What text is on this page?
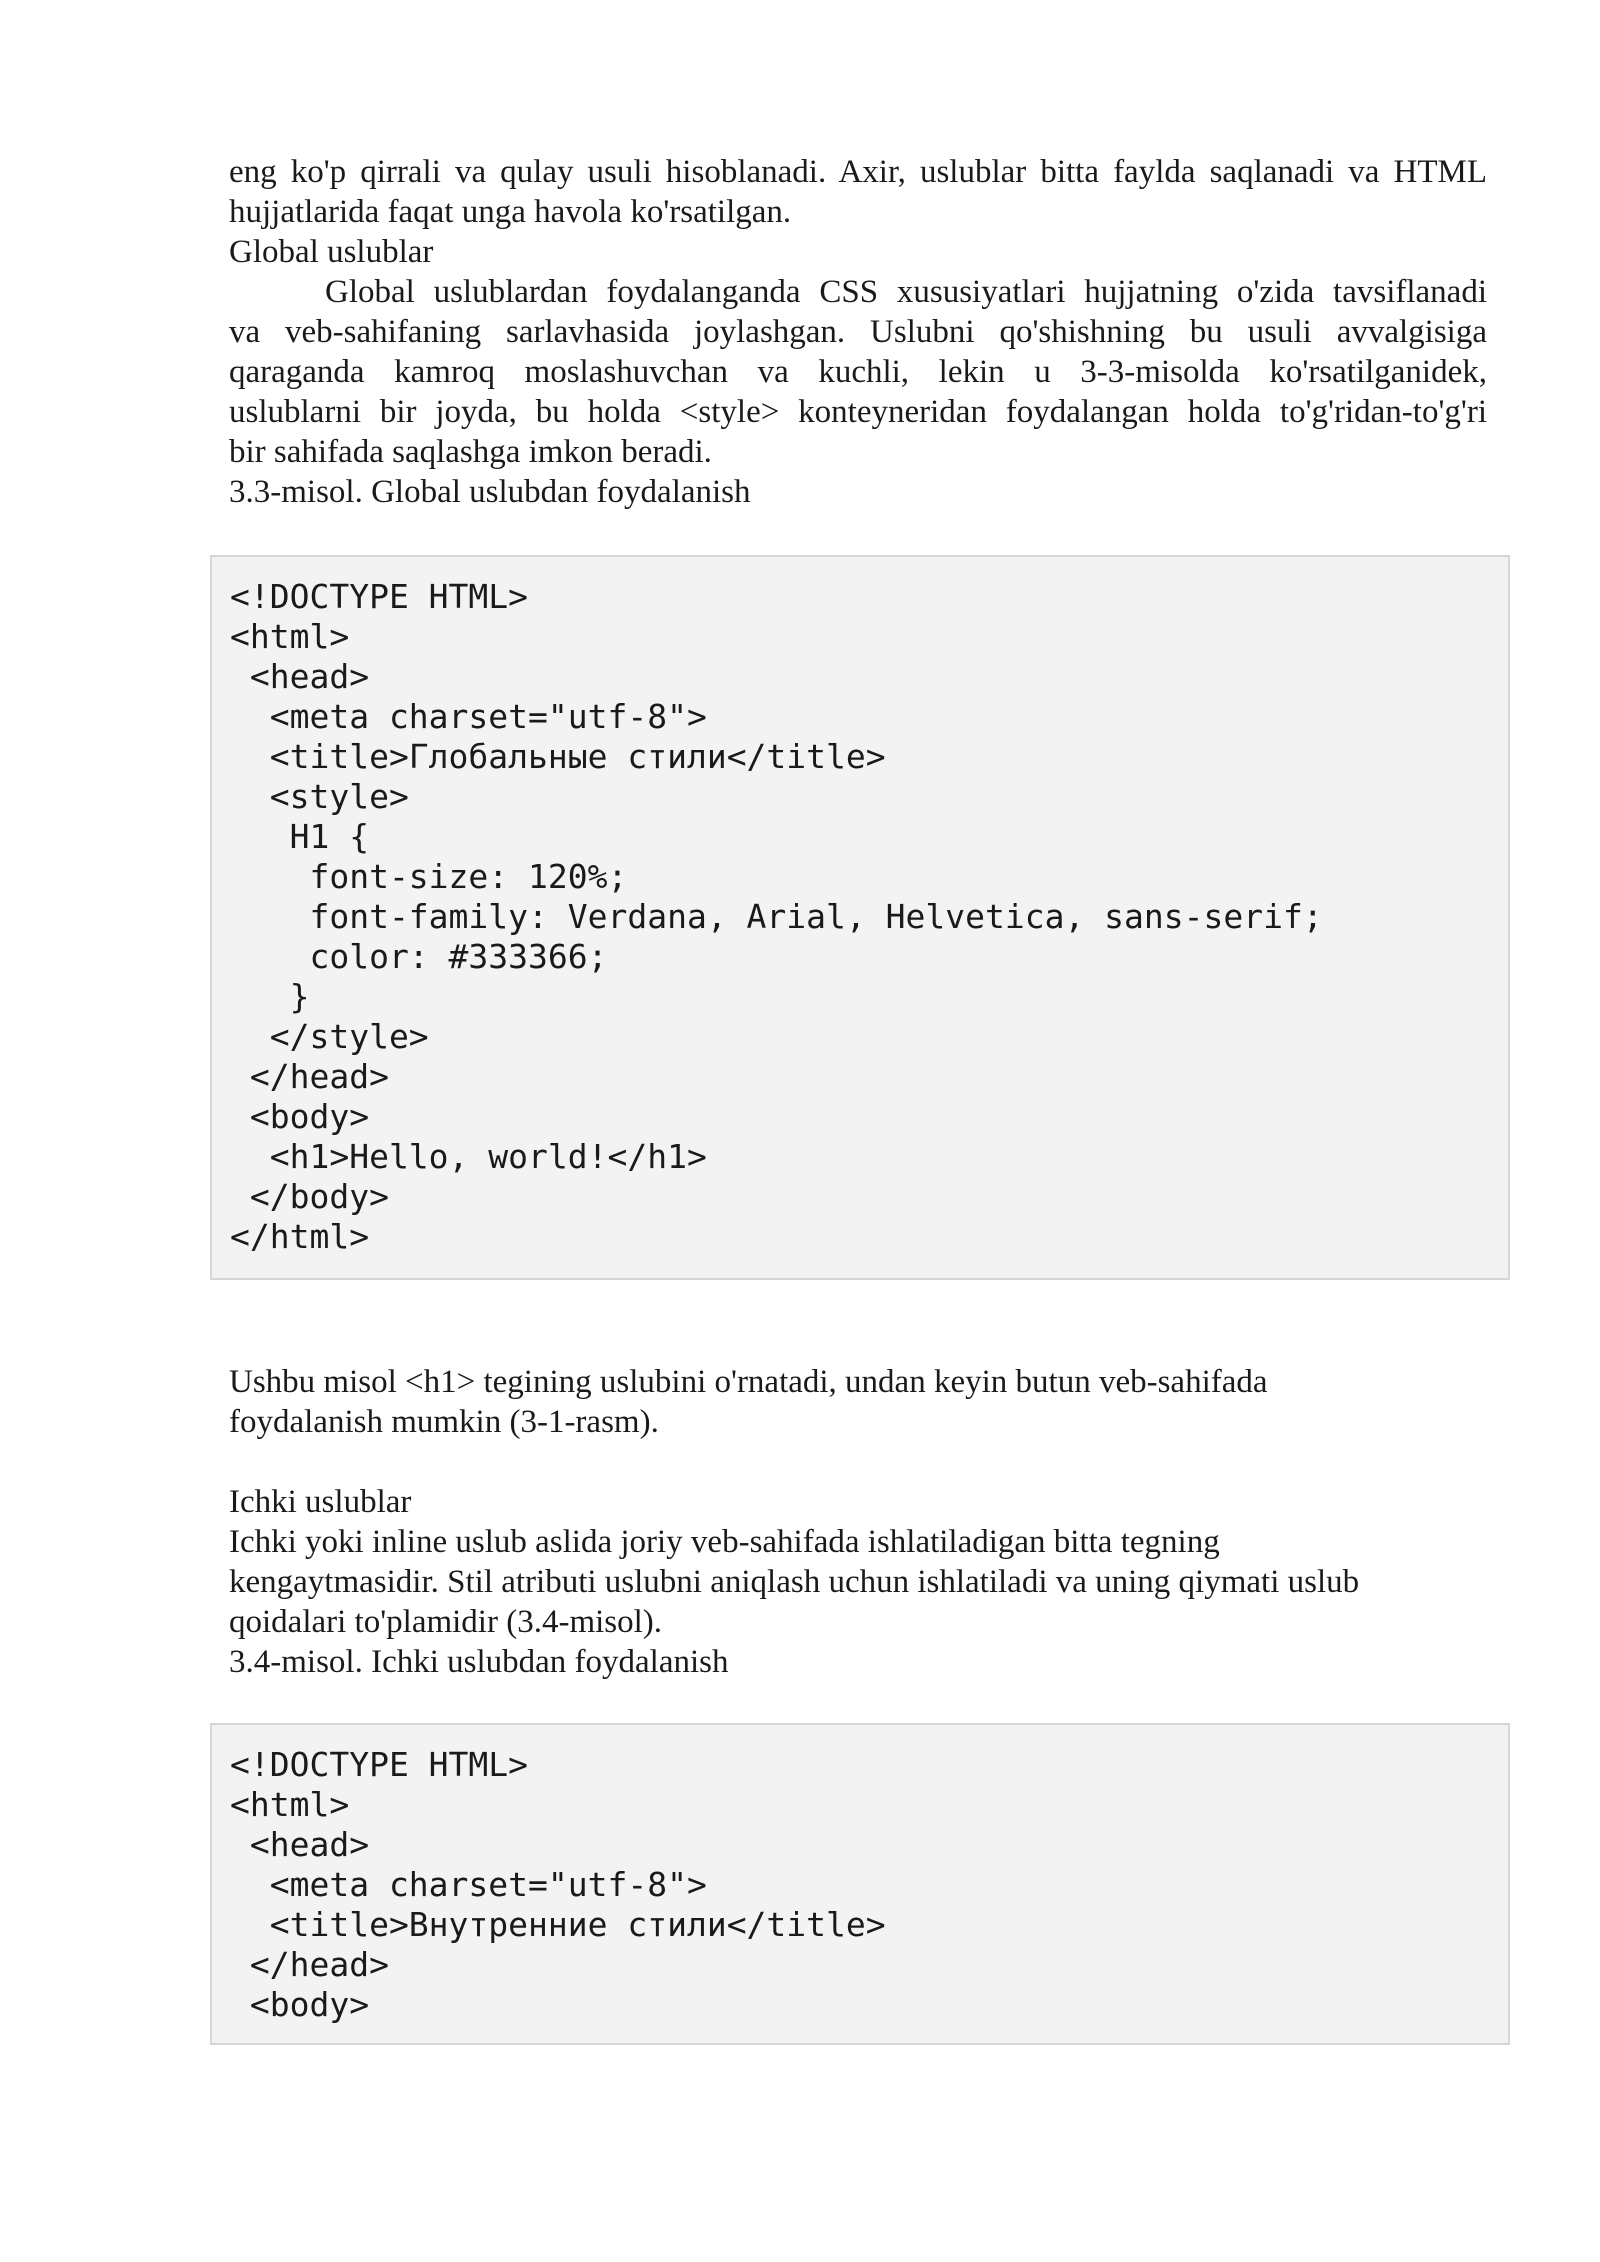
eng ko'p qirrali va qulay usuli hisoblanadi. Axir, uslublar bitta faylda saqlanadi va HTML

hujjatlarida faqat unga havola ko'rsatilgan.

Global uslublar

Global uslublardan foydalanganda CSS xususiyatlari hujjatning o'zida tavsiflanadi

va veb-sahifaning sarlavhasida joylashgan. Uslubni qo'shishning bu usuli avvalgisiga

qaraganda kamroq moslashuvchan va kuchli, lekin u 3-3-misolda ko'rsatilganidek,

uslublarni bir joyda, bu holda <style> konteyneridan foydalangan holda to'g'ridan-to'g'ri

bir sahifada saqlashga imkon beradi.

3.3-misol. Global uslubdan foydalanish

<!DOCTYPE HTML>
<html>
<head>
<meta charset="utf-8">
<title>Глобальные стили</title>
<style>
H1 {
font-size: 120%;
font-family: Verdana, Arial, Helvetica, sans-serif;
color: #333366;
}
</style>
</head>
<body>
<h1>Hello, world!</h1>
</body>
</html>

Ushbu misol <h1> tegining uslubini o'rnatadi, undan keyin butun veb-sahifada

foydalanish mumkin (3-1-rasm).

Ichki uslublar

Ichki yoki inline uslub aslida joriy veb-sahifada ishlatiladigan bitta tegning

kengaytmasidir. Stil atributi uslubni aniqlash uchun ishlatiladi va uning qiymati uslub

qoidalari to'plamidir (3.4-misol).

3.4-misol. Ichki uslubdan foydalanish

<!DOCTYPE HTML>
<html>
<head>
<meta charset="utf-8">
<title>Внутренние стили</title>
</head>
<body>
